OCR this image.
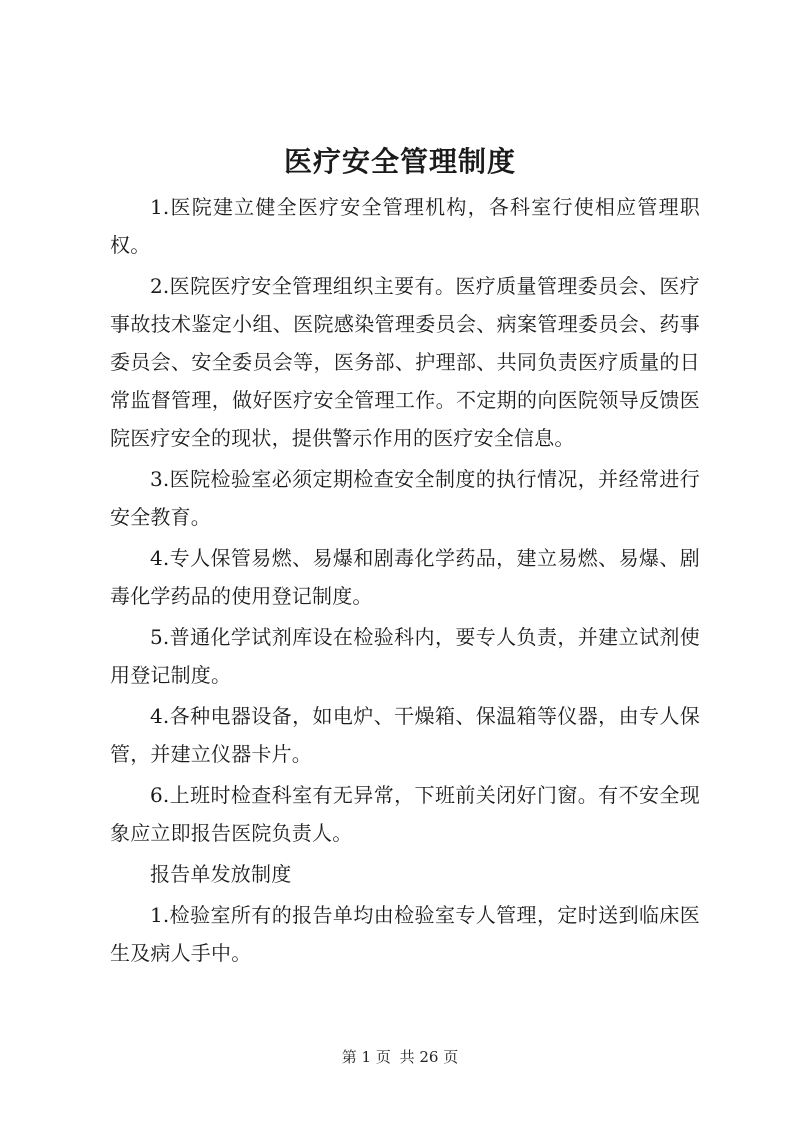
医疗安全管理制度

1.医院建立健全医疗安全管理机构，各科室行使相应管理职权。

2.医院医疗安全管理组织主要有。医疗质量管理委员会、医疗事故技术鉴定小组、医院感染管理委员会、病案管理委员会、药事委员会、安全委员会等，医务部、护理部、共同负责医疗质量的日常监督管理，做好医疗安全管理工作。不定期的向医院领导反馈医院医疗安全的现状，提供警示作用的医疗安全信息。

3.医院检验室必须定期检查安全制度的执行情况，并经常进行安全教育。

4.专人保管易燃、易爆和剧毒化学药品，建立易燃、易爆、剧毒化学药品的使用登记制度。

5.普通化学试剂库设在检验科内，要专人负责，并建立试剂使用登记制度。

4.各种电器设备，如电炉、干燥箱、保温箱等仪器，由专人保管，并建立仪器卡片。

6.上班时检查科室有无异常，下班前关闭好门窗。有不安全现象应立即报告医院负责人。

报告单发放制度

1.检验室所有的报告单均由检验室专人管理，定时送到临床医生及病人手中。

第 1 页 共 26 页
